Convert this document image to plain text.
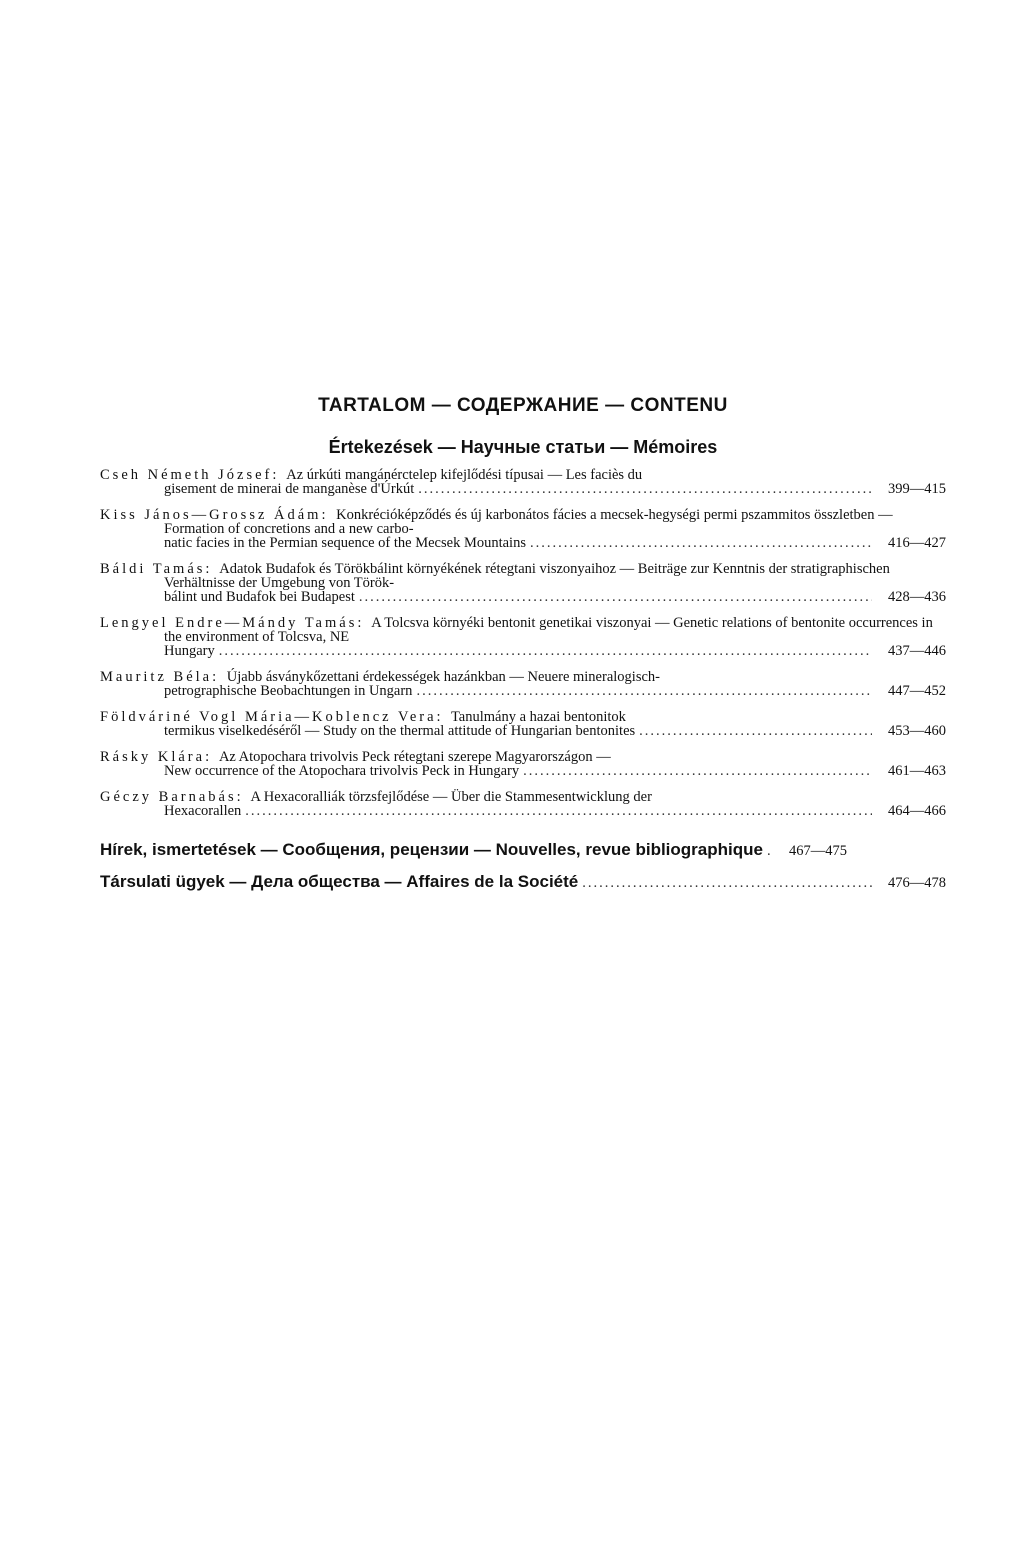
TARTALOM — СОДЕРЖАНИЕ — CONTENU
Értekezések — Научные статьи — Mémoires
Cseh Németh József: Az úrkúti mangánérctelep kifejlődési típusai — Les faciès du
gisement de minerai de manganèse d'Úrkút .....	399—415
Kiss János—Grossz Ádám: Konkrécióképződés és új karbonátos fácies a mecsek-hegységi permi pszammitos összletben — Formation of concretions and a new carbo-
natic facies in the Permian sequence of the Mecsek Mountains .....	416—427
Báldi Tamás: Adatok Budafok és Törökbálint környékének rétegtani viszonyaihoz — Beiträge zur Kenntnis der stratigraphischen Verhältnisse der Umgebung von Török-
bálint und Budafok bei Budapest .....	428—436
Lengyel Endre—Mándy Tamás: A Tolcsva környéki bentonit genetikai viszonyai — Genetic relations of bentonite occurrences in the environment of Tolcsva, NE
Hungary .....	437—446
Mauritz Béla: Újabb ásványkőzettani érdekességek hazánkban — Neuere mineralogisch-
petrographische Beobachtungen in Ungarn .....	447—452
Földváriné Vogl Mária—Koblencz Vera: Tanulmány a hazai bentonitok
termikus viselkedéséről — Study on the thermal attitude of Hungarian bentonites .....	453—460
Rásky Klára: Az Atopochara trivolvis Peck rétegtani szerepe Magyarországon —
New occurrence of the Atopochara trivolvis Peck in Hungary .....	461—463
Géczy Barnabás: A Hexacoralliák törzsfejlődése — Über die Stammesentwicklung der
Hexacorallen .....	464—466
Hírek, ismertetések — Сообщения, рецензии — Nouvelles, revue bibliographique .....	467—475
Társulati ügyek — Дела общества — Affaires de la Société .....	476—478
